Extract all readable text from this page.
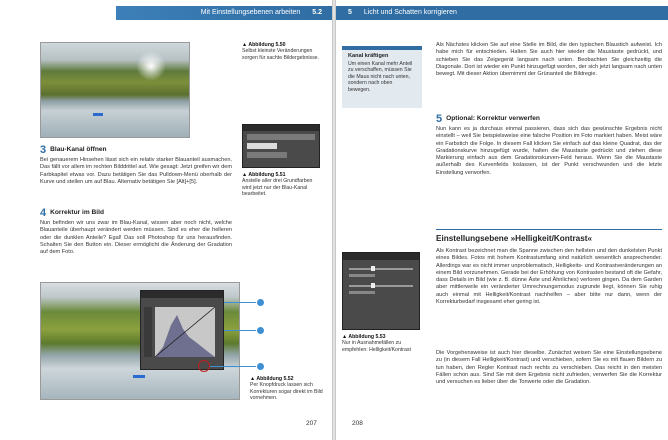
Mit Einstellungsebenen arbeiten 5.2
▲ Abbildung 5.50
Selbst kleinste Veränderungen sorgen für sachte Bildergebnisse.
▲ Abbildung 5.51
Anstelle aller drei Grundfarben wird jetzt nur der Blau-Kanal bearbeitet.
3 Blau-Kanal öffnen
Bei genauerem Hinsehen lässt sich ein relativ starker Blauanteil ausmachen. Das fällt vor allem im rechten Bilddrittel auf. Wie gesagt: Jetzt greifen wir dem Farbkapitel etwas vor. Dazu betätigen Sie das Pulldown-Menü oberhalb der Kurve und stellen um auf Blau. Alternativ betätigen Sie [Alt]+[5].
4 Korrektur im Bild
Nun befinden wir uns zwar im Blau-Kanal, wissen aber noch nicht, welche Blauanteile überhaupt verändert werden müssen. Sind es eher die helleren oder die dunklen Anteile? Egal! Das soll Photoshop für uns herausfinden. Schalten Sie den Button ein. Dieser ermöglicht die Änderung der Gradation auf dem Foto.
▲ Abbildung 5.52
Per Knopfdruck lassen sich Korrekturen sogar direkt im Bild vornehmen.
207
5 Licht und Schatten korrigieren
Kanal kräftigen
Um einen Kanal mehr Anteil zu verschaffen, müssen Sie die Maus nicht nach unten, sondern nach oben bewegen.
Als Nächstes klicken Sie auf eine Stelle im Bild, die den typischen Blaustich aufweist. Ich habe mich für entschieden. Halten Sie auch hier wieder die Maustaste gedrückt, und schieben Sie das Zeigegerät langsam nach unten. Beobachten Sie gleichzeitig die Diagonale. Dort ist wieder ein Punkt hinzugefügt worden, der sich jetzt langsam nach unten bewegt. Mit dieser Aktion übernimmt der Grünanteil die Bildregie.
5 Optional: Korrektur verwerfen
Nun kann es ja durchaus einmal passieren, dass sich das gewünschte Ergebnis nicht einstellt – weil Sie beispielsweise eine falsche Position im Foto markiert haben. Meist wäre ein Farbstich die Folge. In diesem Fall klicken Sie einfach auf das kleine Quadrat, das der Gradationskurve hinzugefügt wurde, halten die Maustaste gedrückt und ziehen diese Markierung einfach aus dem Gradationskurven-Feld heraus. Wenn Sie die Maustaste außerhalb des Kurvenfelds loslassen, ist der Punkt verschwunden und die letzte Einstellung verworfen.
Einstellungsebene »Helligkeit/Kontrast«
Als Kontrast bezeichnet man die Spanne zwischen den hellsten und den dunkelsten Punkt eines Bildes. Fotos mit hohem Kontrastumfang sind natürlich wesentlich ansprechender. Allerdings war es nicht immer unproblematisch, Helligkeits- und Kontrastveränderungen an einem Bild vorzunehmen. Gerade bei der Erhöhung von Kontrasten bestand oft die Gefahr, dass Details im Bild (wie z. B. dünne Äste und Ähnliches) verloren gingen. Da dem Garden aber mittlerweile ein veränderter Umrechnungsmodus zugrunde liegt, können Sie ruhig auch einmal mit Helligkeit/Kontrast nachhelfen – aber bitte nur dann, wenn der Korrekturbedarf insgesamt eher gering ist.
Die Vorgehensweise ist auch hier dieselbe. Zunächst weisen Sie eine Einstellungsebene zu (in diesem Fall Helligkeit/Kontrast) und verschieben, sofern Sie es mit flauen Bildern zu tun haben, den Regler Kontrast nach rechts zu verschieben. Das reicht in den meisten Fällen schon aus. Sind Sie mit dem Ergebnis nicht zufrieden, verwerfen Sie die Korrektur und versuchen es lieber über die Tonwerte oder die Gradation.
▲ Abbildung 5.53
Nur in Ausnahmefällen zu empfehlen: Helligkeit/Kontrast
208
